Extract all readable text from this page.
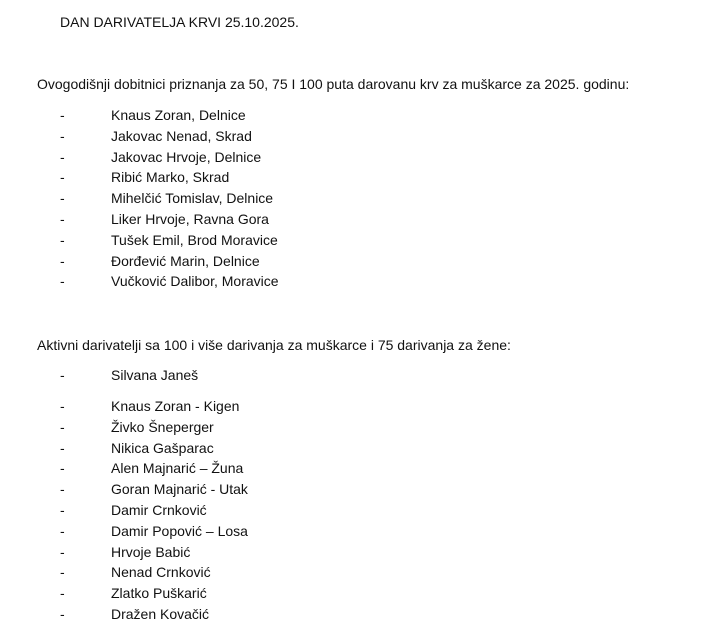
DAN DARIVATELJA KRVI 25.10.2025.
Ovogodišnji dobitnici priznanja za 50, 75 I 100 puta darovanu krv za muškarce za 2025. godinu:
-	Knaus Zoran, Delnice
-	Jakovac Nenad, Skrad
-	Jakovac Hrvoje, Delnice
-	Ribić Marko, Skrad
-	Mihelčić Tomislav, Delnice
-	Liker Hrvoje, Ravna Gora
-	Tušek Emil, Brod Moravice
-	Đorđević Marin, Delnice
-	Vučković Dalibor, Moravice
Aktivni darivatelji sa 100 i više darivanja za muškarce i 75 darivanja za žene:
-	Silvana Janeš
-	Knaus Zoran - Kigen
-	Živko Šneperger
-	Nikica Gašparac
-	Alen Majnarić – Žuna
-	Goran Majnarić - Utak
-	Damir Crnković
-	Damir Popović – Losa
-	Hrvoje Babić
-	Nenad Crnković
-	Zlatko Puškarić
-	Dražen Kovačić
